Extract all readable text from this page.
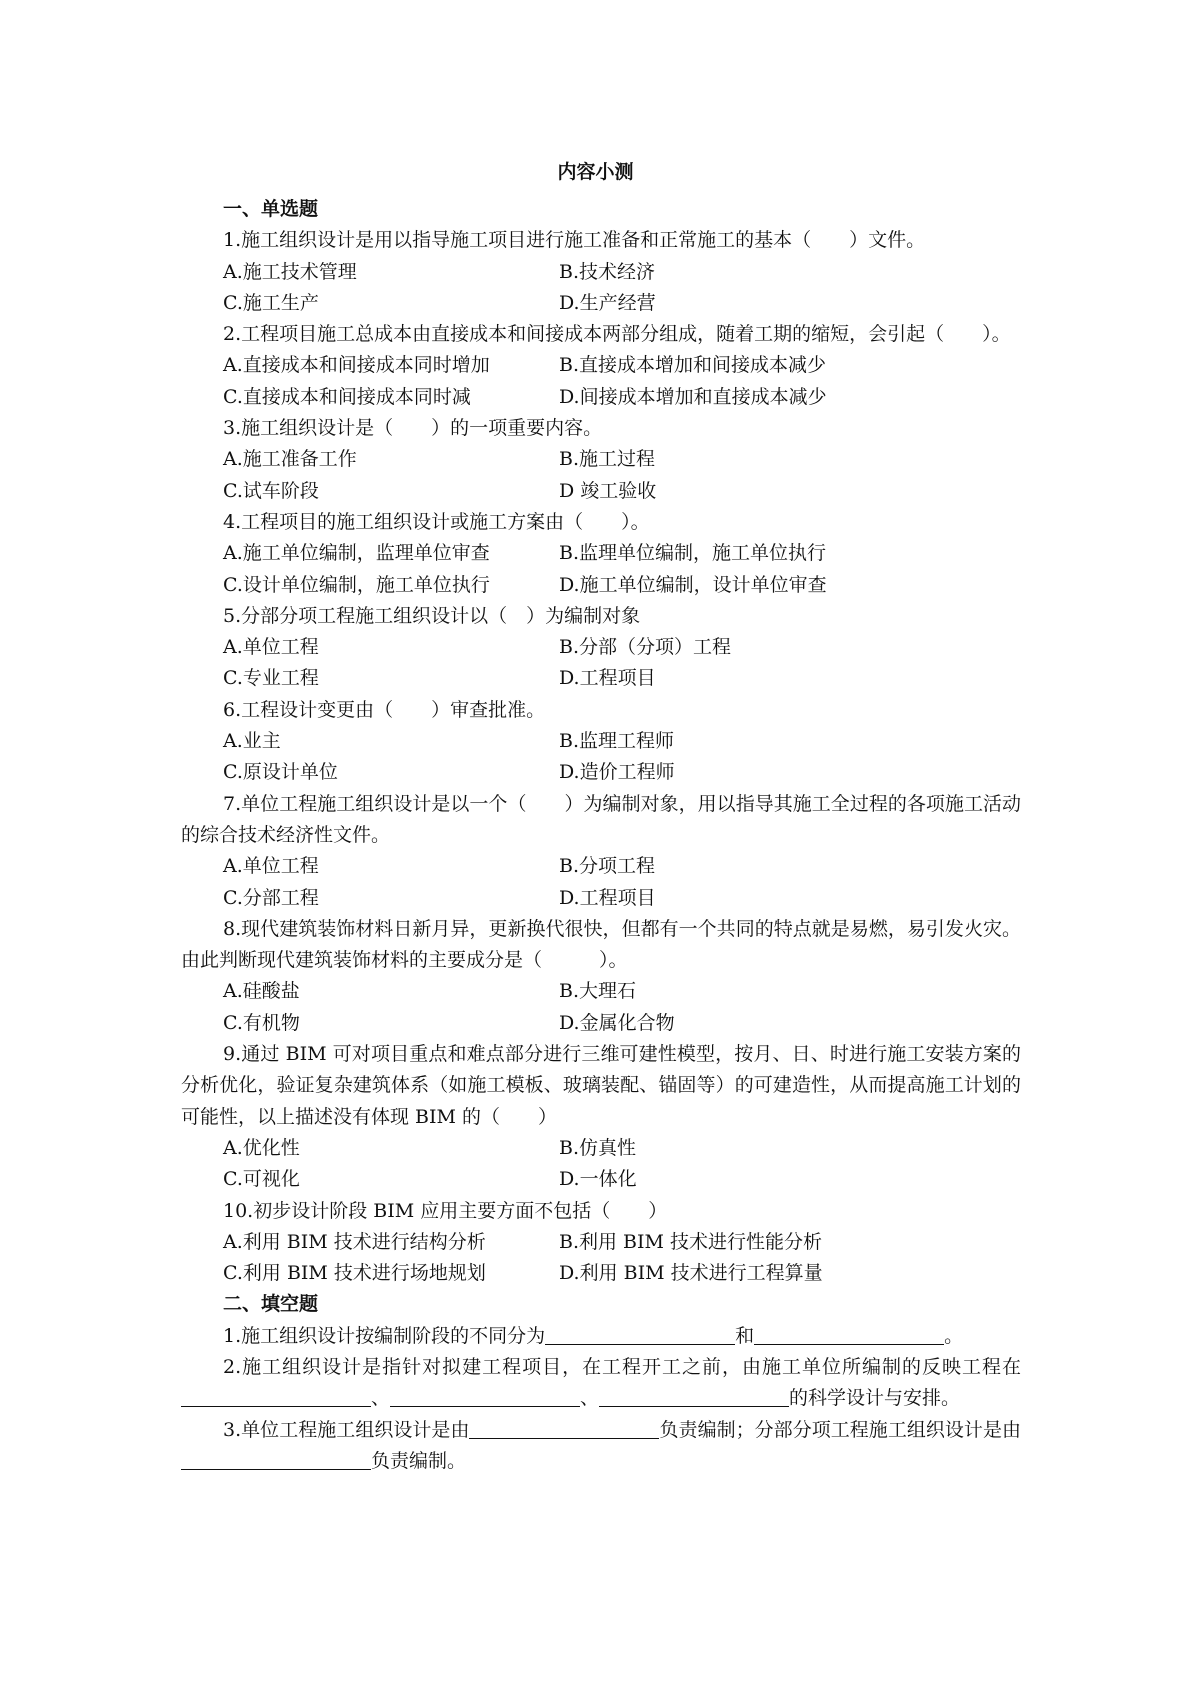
内容小测

一、单选题

1.施工组织设计是用以指导施工项目进行施工准备和正常施工的基本（　　）文件。

A.施工技术管理	B.技术经济
C.施工生产	D.生产经营

2.工程项目施工总成本由直接成本和间接成本两部分组成，随着工期的缩短，会引起（　　）。

A.直接成本和间接成本同时增加	B.直接成本增加和间接成本减少
C.直接成本和间接成本同时减	D.间接成本增加和直接成本减少

3.施工组织设计是（　　）的一项重要内容。

A.施工准备工作	B.施工过程
C.试车阶段	D 竣工验收

4.工程项目的施工组织设计或施工方案由（　　）。

A.施工单位编制，监理单位审查	B.监理单位编制，施工单位执行
C.设计单位编制，施工单位执行	D.施工单位编制，设计单位审查

5.分部分项工程施工组织设计以（　）为编制对象

A.单位工程	B.分部（分项）工程
C.专业工程	D.工程项目

6.工程设计变更由（　　）审查批准。

A.业主	B.监理工程师
C.原设计单位	D.造价工程师

7.单位工程施工组织设计是以一个（　　）为编制对象，用以指导其施工全过程的各项施工活动的综合技术经济性文件。

A.单位工程	B.分项工程
C.分部工程	D.工程项目

8.现代建筑装饰材料日新月异，更新换代很快，但都有一个共同的特点就是易燃，易引发火灾。由此判断现代建筑装饰材料的主要成分是（　　　）。

A.硅酸盐	B.大理石
C.有机物	D.金属化合物

9.通过 BIM 可对项目重点和难点部分进行三维可建性模型，按月、日、时进行施工安装方案的分析优化，验证复杂建筑体系（如施工模板、玻璃装配、锚固等）的可建造性，从而提高施工计划的可能性，以上描述没有体现 BIM 的（　　）

A.优化性	B.仿真性
C.可视化	D.一体化

10.初步设计阶段 BIM 应用主要方面不包括（　　）

A.利用 BIM 技术进行结构分析	B.利用 BIM 技术进行性能分析
C.利用 BIM 技术进行场地规划	D.利用 BIM 技术进行工程算量

二、填空题

1.施工组织设计按编制阶段的不同分为	和	。

2.施工组织设计是指针对拟建工程项目，在工程开工之前，由施工单位所编制的反映工程在、	、	的科学设计与安排。

3.单位工程施工组织设计是由	负责编制；分部分项工程施工组织设计是由负责编制。
